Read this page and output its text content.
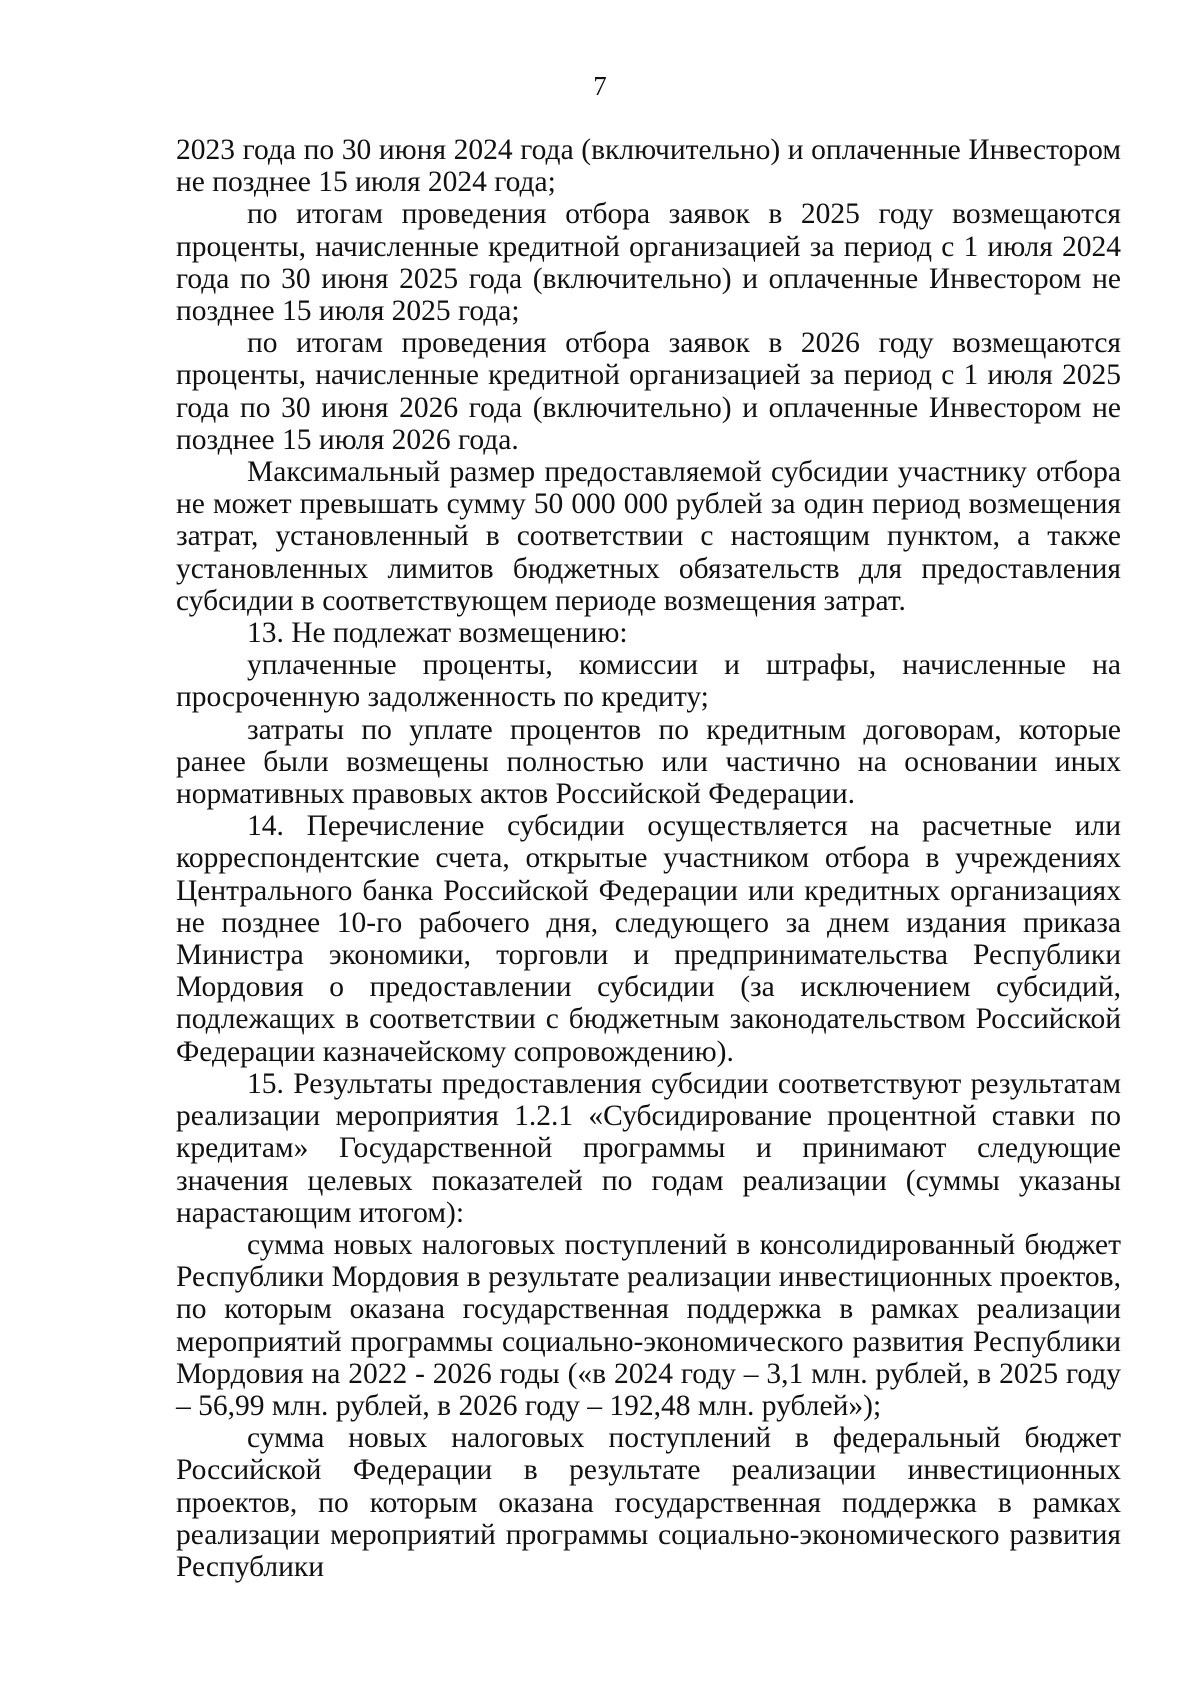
7

2023 года по 30 июня 2024 года (включительно) и оплаченные Инвестором не позднее 15 июля 2024 года;

по итогам проведения отбора заявок в 2025 году возмещаются проценты, начисленные кредитной организацией за период с 1 июля 2024 года по 30 июня 2025 года (включительно) и оплаченные Инвестором не позднее 15 июля 2025 года;

по итогам проведения отбора заявок в 2026 году возмещаются проценты, начисленные кредитной организацией за период с 1 июля 2025 года по 30 июня 2026 года (включительно) и оплаченные Инвестором не позднее 15 июля 2026 года.

Максимальный размер предоставляемой субсидии участнику отбора не может превышать сумму 50 000 000 рублей за один период возмещения затрат, установленный в соответствии с настоящим пунктом, а также установленных лимитов бюджетных обязательств для предоставления субсидии в соответствующем периоде возмещения затрат.

13. Не подлежат возмещению:

уплаченные проценты, комиссии и штрафы, начисленные на просроченную задолженность по кредиту;

затраты по уплате процентов по кредитным договорам, которые ранее были возмещены полностью или частично на основании иных нормативных правовых актов Российской Федерации.

14. Перечисление субсидии осуществляется на расчетные или корреспондентские счета, открытые участником отбора в учреждениях Центрального банка Российской Федерации или кредитных организациях не позднее 10-го рабочего дня, следующего за днем издания приказа Министра экономики, торговли и предпринимательства Республики Мордовия о предоставлении субсидии (за исключением субсидий, подлежащих в соответствии с бюджетным законодательством Российской Федерации казначейскому сопровождению).

15. Результаты предоставления субсидии соответствуют результатам реализации мероприятия 1.2.1 «Субсидирование процентной ставки по кредитам» Государственной программы и принимают следующие значения целевых показателей по годам реализации (суммы указаны нарастающим итогом):

сумма новых налоговых поступлений в консолидированный бюджет Республики Мордовия в результате реализации инвестиционных проектов, по которым оказана государственная поддержка в рамках реализации мероприятий программы социально-экономического развития Республики Мордовия на 2022 - 2026 годы («в 2024 году – 3,1 млн. рублей, в 2025 году – 56,99 млн. рублей, в 2026 году – 192,48 млн. рублей»);

сумма новых налоговых поступлений в федеральный бюджет Российской Федерации в результате реализации инвестиционных проектов, по которым оказана государственная поддержка в рамках реализации мероприятий программы социально-экономического развития Республики
